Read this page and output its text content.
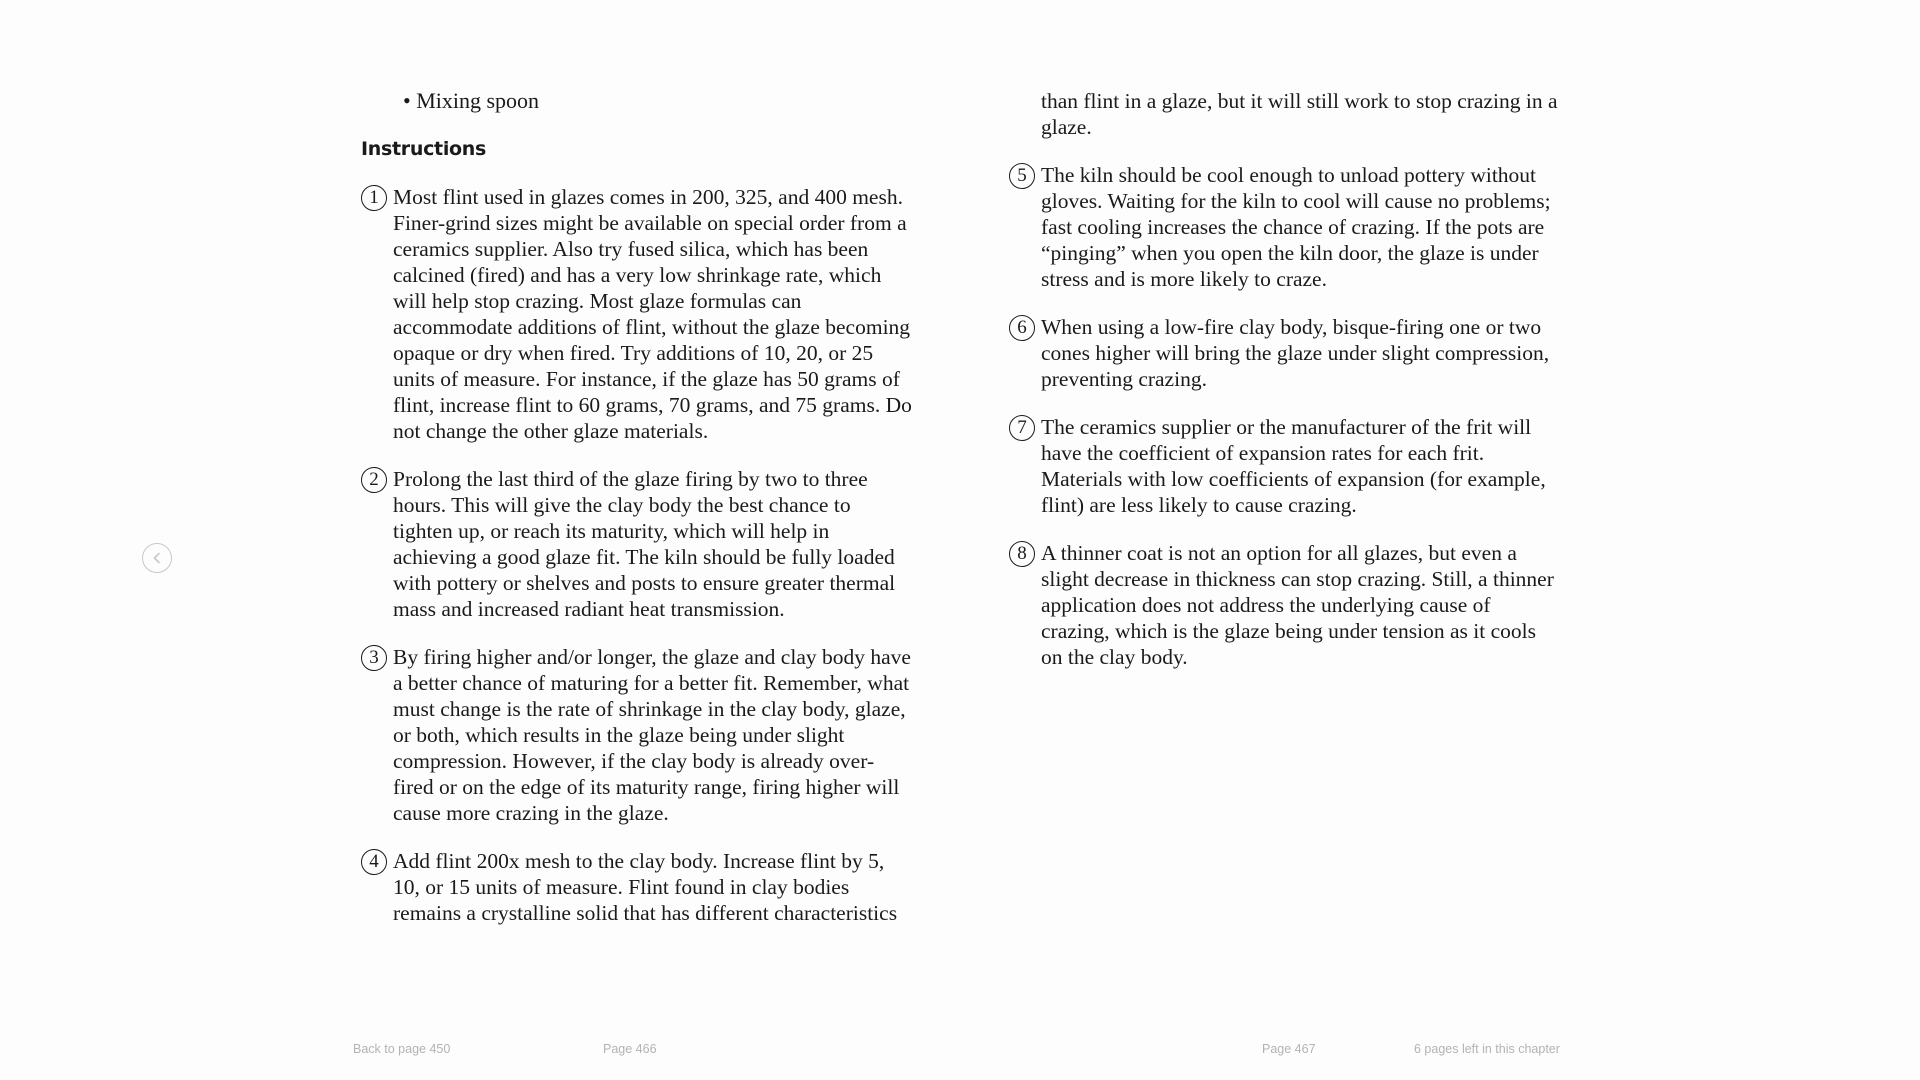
• Mixing spoon
Instructions
1 Most flint used in glazes comes in 200, 325, and 400 mesh. Finer-grind sizes might be available on special order from a ceramics supplier. Also try fused silica, which has been calcined (fired) and has a very low shrinkage rate, which will help stop crazing. Most glaze formulas can accommodate additions of flint, without the glaze becoming opaque or dry when fired. Try additions of 10, 20, or 25 units of measure. For instance, if the glaze has 50 grams of flint, increase flint to 60 grams, 70 grams, and 75 grams. Do not change the other glaze materials.
2 Prolong the last third of the glaze firing by two to three hours. This will give the clay body the best chance to tighten up, or reach its maturity, which will help in achieving a good glaze fit. The kiln should be fully loaded with pottery or shelves and posts to ensure greater thermal mass and increased radiant heat transmission.
3 By firing higher and/or longer, the glaze and clay body have a better chance of maturing for a better fit. Remember, what must change is the rate of shrinkage in the clay body, glaze, or both, which results in the glaze being under slight compression. However, if the clay body is already over-fired or on the edge of its maturity range, firing higher will cause more crazing in the glaze.
4 Add flint 200x mesh to the clay body. Increase flint by 5, 10, or 15 units of measure. Flint found in clay bodies remains a crystalline solid that has different characteristics
than flint in a glaze, but it will still work to stop crazing in a glaze.
5 The kiln should be cool enough to unload pottery without gloves. Waiting for the kiln to cool will cause no problems; fast cooling increases the chance of crazing. If the pots are “pinging” when you open the kiln door, the glaze is under stress and is more likely to craze.
6 When using a low-fire clay body, bisque-firing one or two cones higher will bring the glaze under slight compression, preventing crazing.
7 The ceramics supplier or the manufacturer of the frit will have the coefficient of expansion rates for each frit. Materials with low coefficients of expansion (for example, flint) are less likely to cause crazing.
8 A thinner coat is not an option for all glazes, but even a slight decrease in thickness can stop crazing. Still, a thinner application does not address the underlying cause of crazing, which is the glaze being under tension as it cools on the clay body.
Back to page 450	Page 466	Page 467	6 pages left in this chapter
